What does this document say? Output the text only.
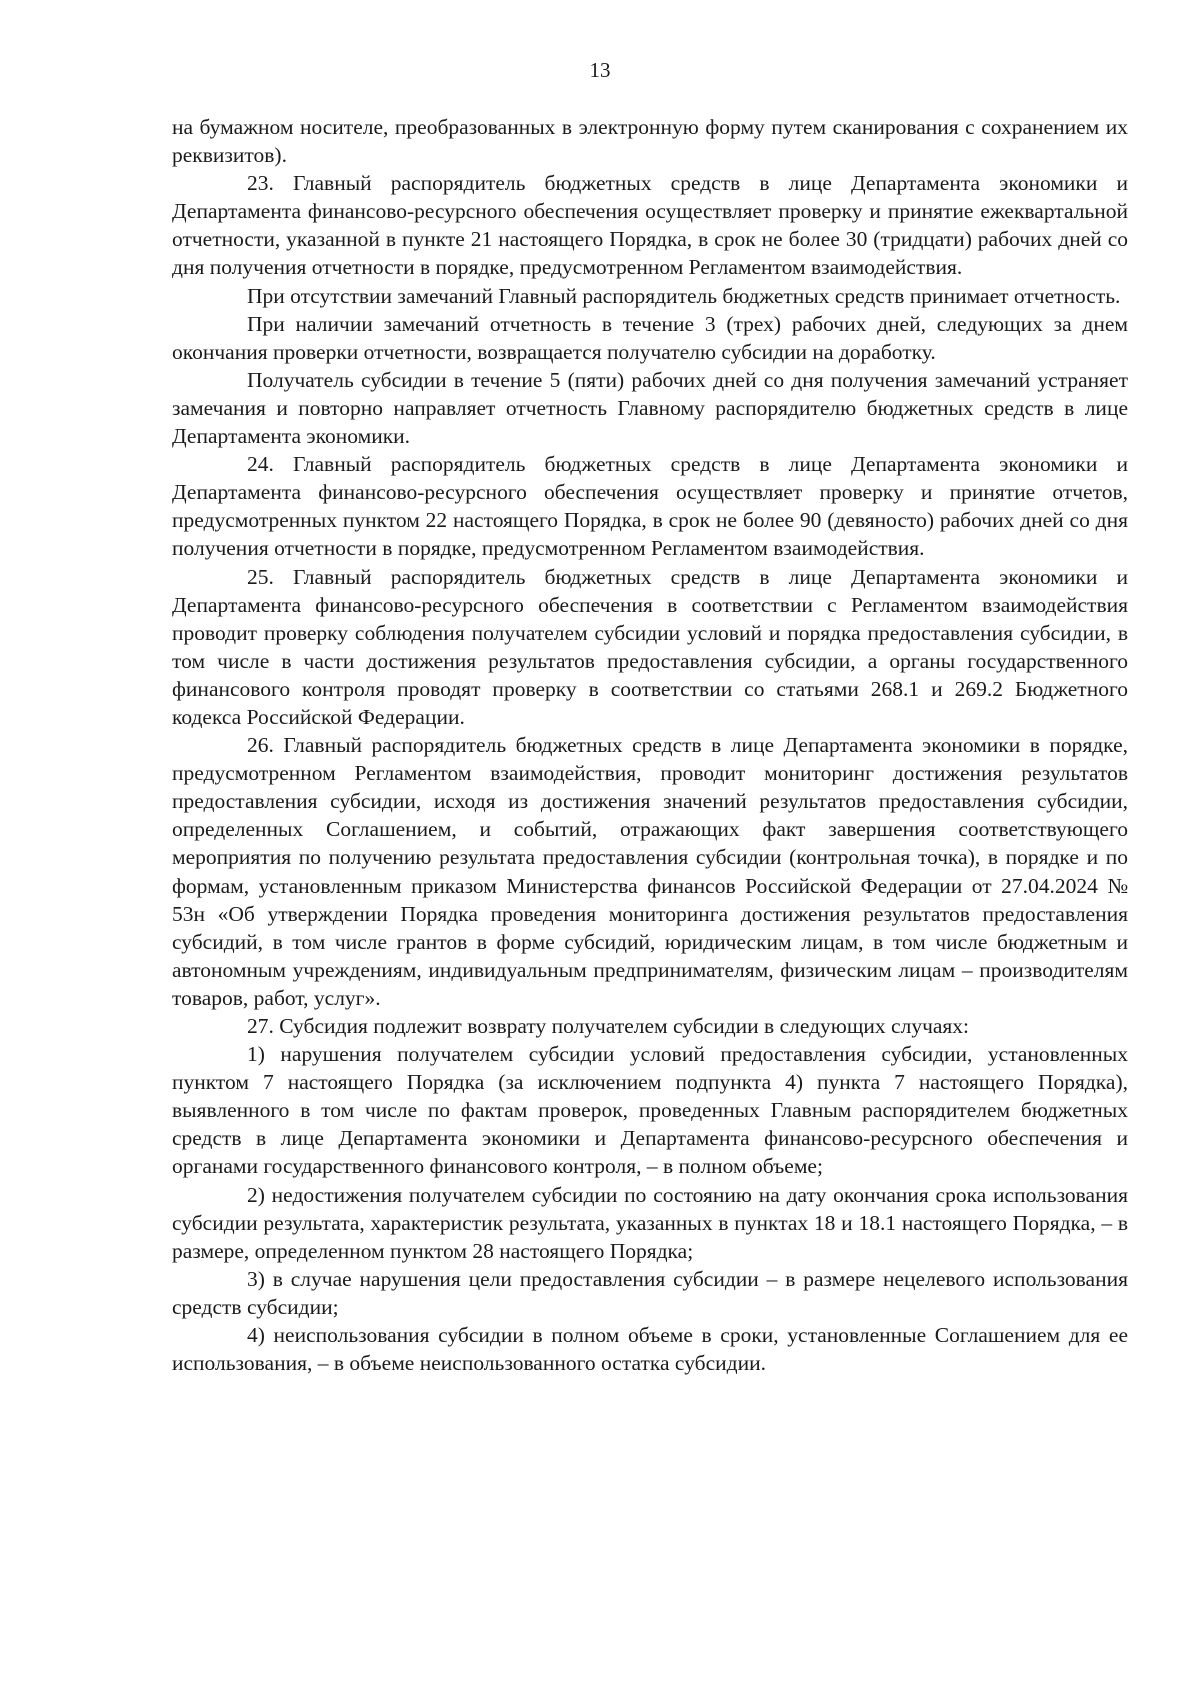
13

на бумажном носителе, преобразованных в электронную форму путем сканирования с сохранением их реквизитов).

23. Главный распорядитель бюджетных средств в лице Департамента экономики и Департамента финансово-ресурсного обеспечения осуществляет проверку и принятие ежеквартальной отчетности, указанной в пункте 21 настоящего Порядка, в срок не более 30 (тридцати) рабочих дней со дня получения отчетности в порядке, предусмотренном Регламентом взаимодействия.

При отсутствии замечаний Главный распорядитель бюджетных средств принимает отчетность.

При наличии замечаний отчетность в течение 3 (трех) рабочих дней, следующих за днем окончания проверки отчетности, возвращается получателю субсидии на доработку.

Получатель субсидии в течение 5 (пяти) рабочих дней со дня получения замечаний устраняет замечания и повторно направляет отчетность Главному распорядителю бюджетных средств в лице Департамента экономики.

24. Главный распорядитель бюджетных средств в лице Департамента экономики и Департамента финансово-ресурсного обеспечения осуществляет проверку и принятие отчетов, предусмотренных пунктом 22 настоящего Порядка, в срок не более 90 (девяносто) рабочих дней со дня получения отчетности в порядке, предусмотренном Регламентом взаимодействия.

25. Главный распорядитель бюджетных средств в лице Департамента экономики и Департамента финансово-ресурсного обеспечения в соответствии с Регламентом взаимодействия проводит проверку соблюдения получателем субсидии условий и порядка предоставления субсидии, в том числе в части достижения результатов предоставления субсидии, а органы государственного финансового контроля проводят проверку в соответствии со статьями 268.1 и 269.2 Бюджетного кодекса Российской Федерации.

26. Главный распорядитель бюджетных средств в лице Департамента экономики в порядке, предусмотренном Регламентом взаимодействия, проводит мониторинг достижения результатов предоставления субсидии, исходя из достижения значений результатов предоставления субсидии, определенных Соглашением, и событий, отражающих факт завершения соответствующего мероприятия по получению результата предоставления субсидии (контрольная точка), в порядке и по формам, установленным приказом Министерства финансов Российской Федерации от 27.04.2024 № 53н «Об утверждении Порядка проведения мониторинга достижения результатов предоставления субсидий, в том числе грантов в форме субсидий, юридическим лицам, в том числе бюджетным и автономным учреждениям, индивидуальным предпринимателям, физическим лицам – производителям товаров, работ, услуг».

27. Субсидия подлежит возврату получателем субсидии в следующих случаях:

1) нарушения получателем субсидии условий предоставления субсидии, установленных пунктом 7 настоящего Порядка (за исключением подпункта 4) пункта 7 настоящего Порядка), выявленного в том числе по фактам проверок, проведенных Главным распорядителем бюджетных средств в лице Департамента экономики и Департамента финансово-ресурсного обеспечения и органами государственного финансового контроля, – в полном объеме;

2) недостижения получателем субсидии по состоянию на дату окончания срока использования субсидии результата, характеристик результата, указанных в пунктах 18 и 18.1 настоящего Порядка, – в размере, определенном пунктом 28 настоящего Порядка;

3) в случае нарушения цели предоставления субсидии – в размере нецелевого использования средств субсидии;

4) неиспользования субсидии в полном объеме в сроки, установленные Соглашением для ее использования, – в объеме неиспользованного остатка субсидии.
